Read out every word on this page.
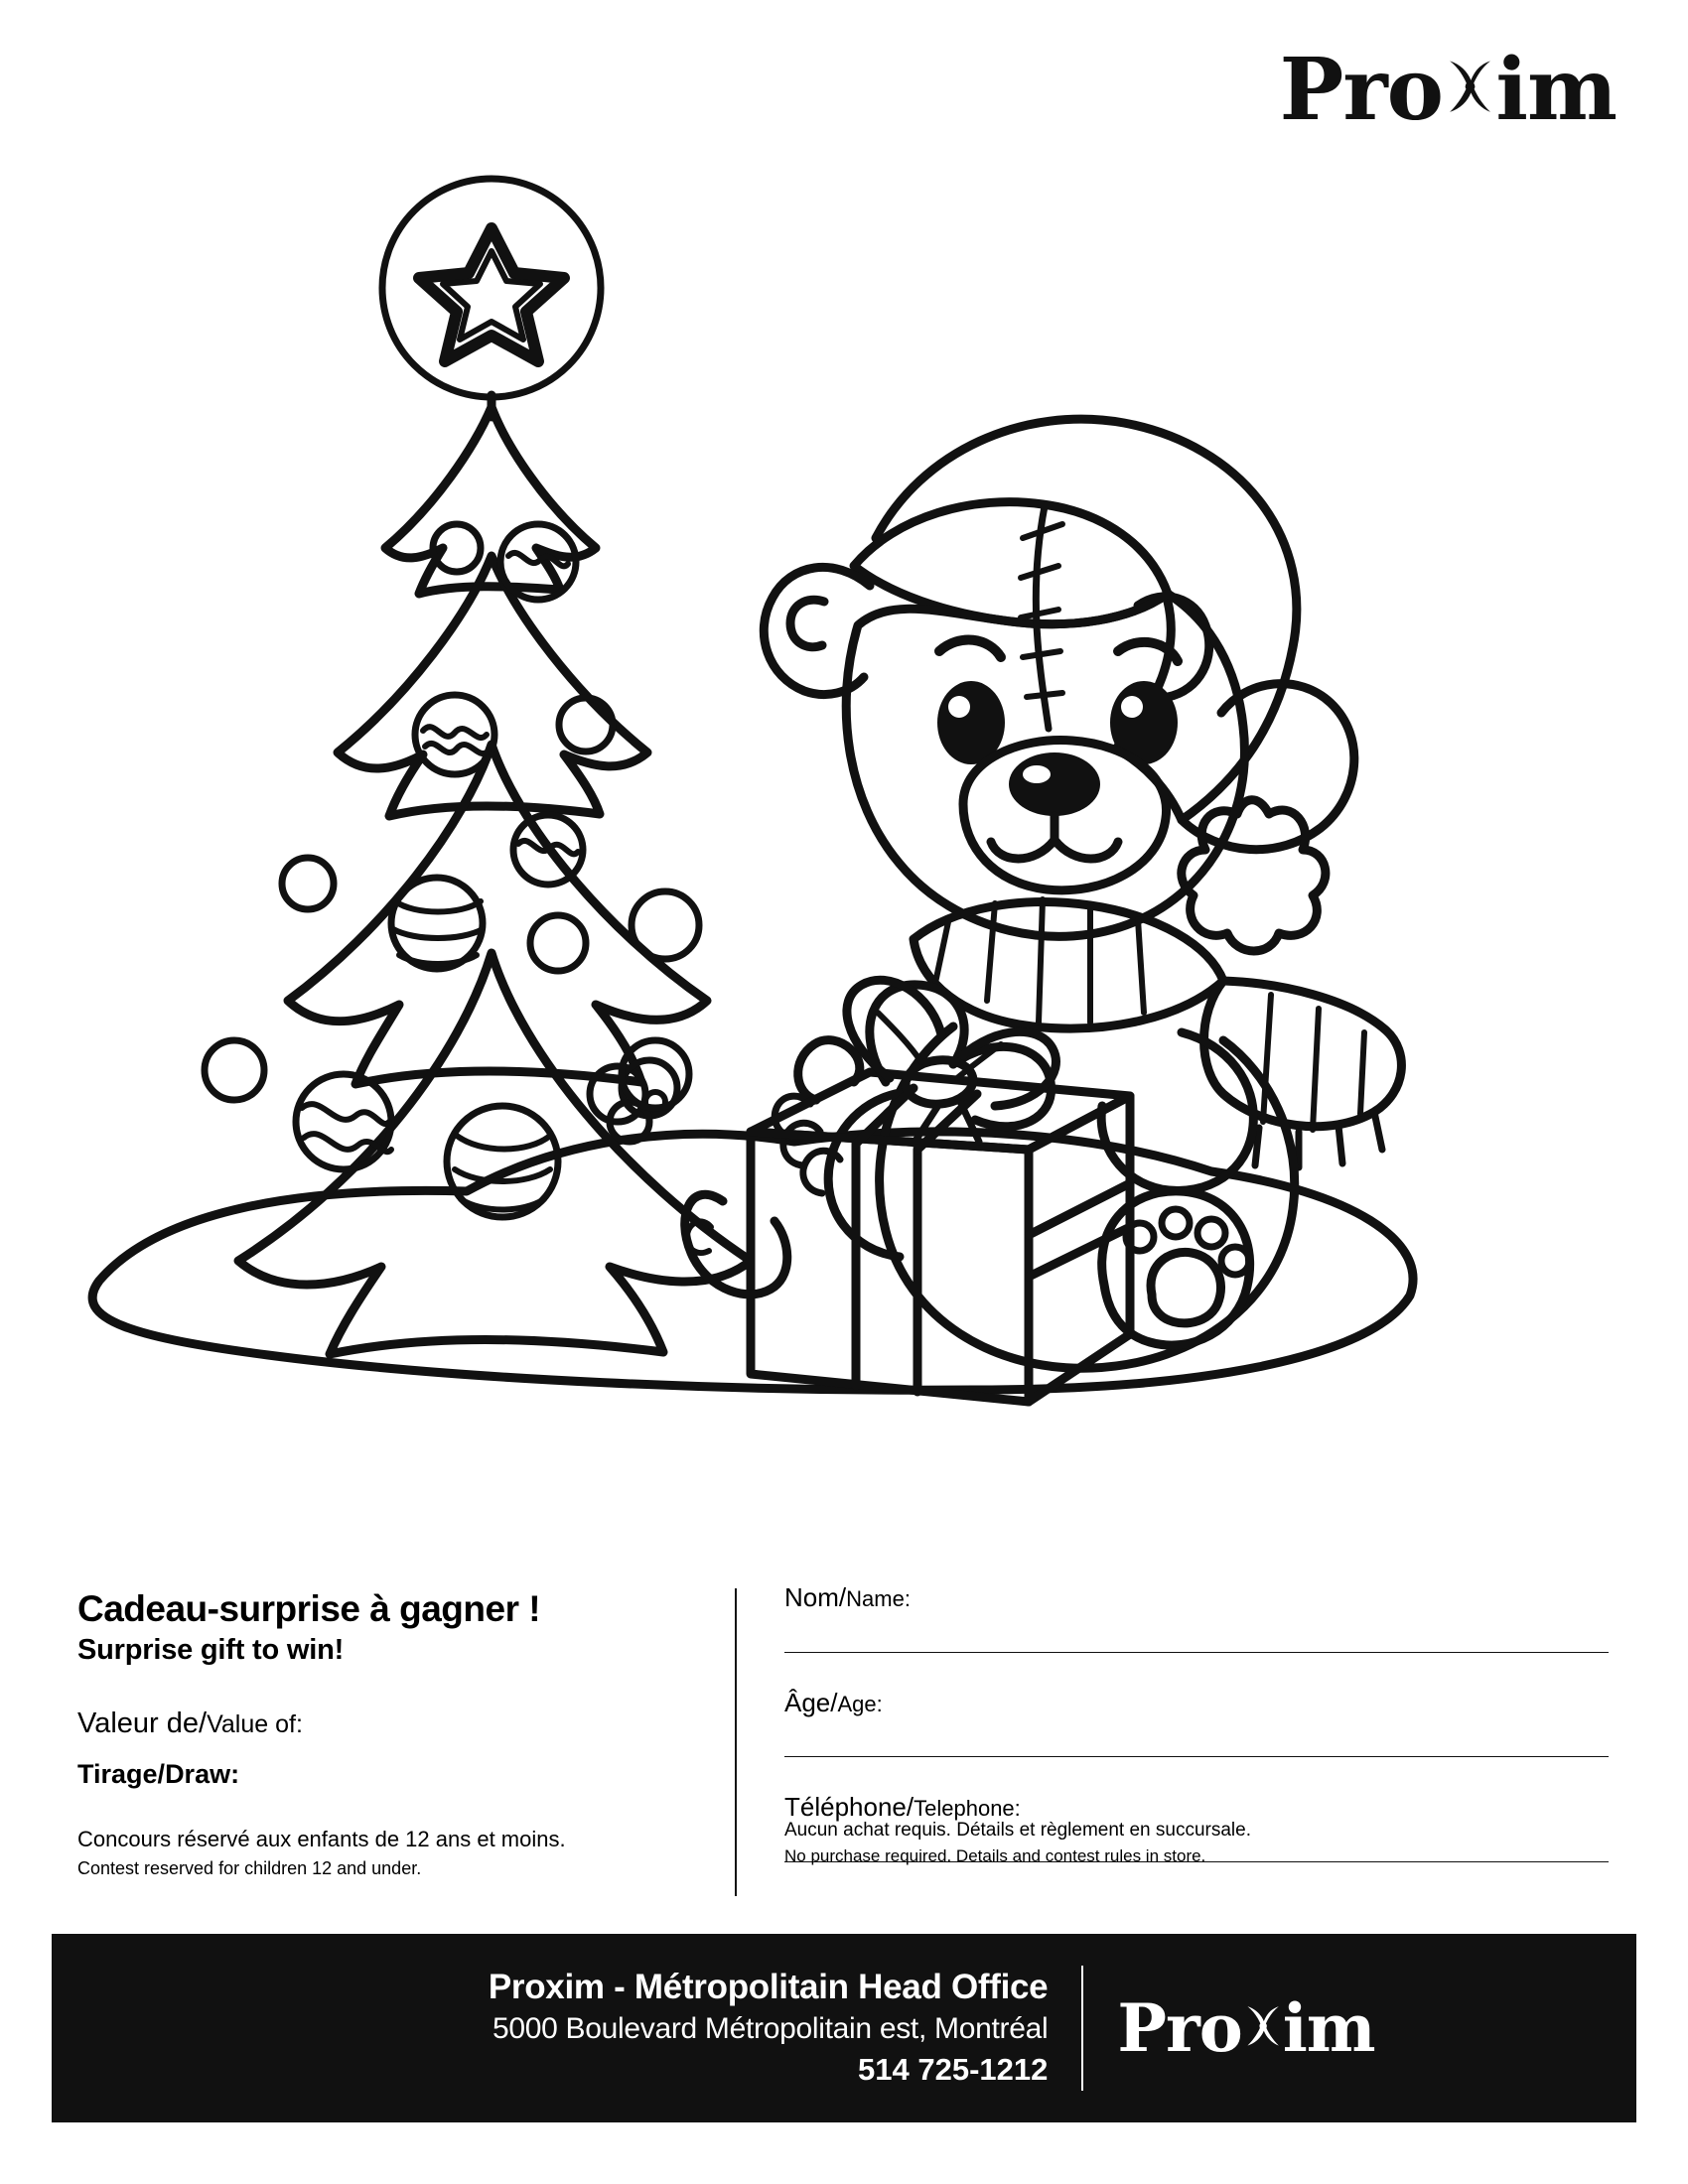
Pro im

Cadeau-surprise à gagner !

Surprise gift to win!

Valeur de/Value of:
Tirage/Draw:
Concours réservé aux enfants de 12 ans et moins.
Contest reserved for children 12 and under.
Nom/Name:
Âge/Age:
Téléphone/Telephone:
Aucun achat requis. Détails et règlement en succursale.
No purchase required. Details and contest rules in store.
Proxim - Métropolitain Head Office
5000 Boulevard Métropolitain est, Montréal
514 725-1212
Pro im
